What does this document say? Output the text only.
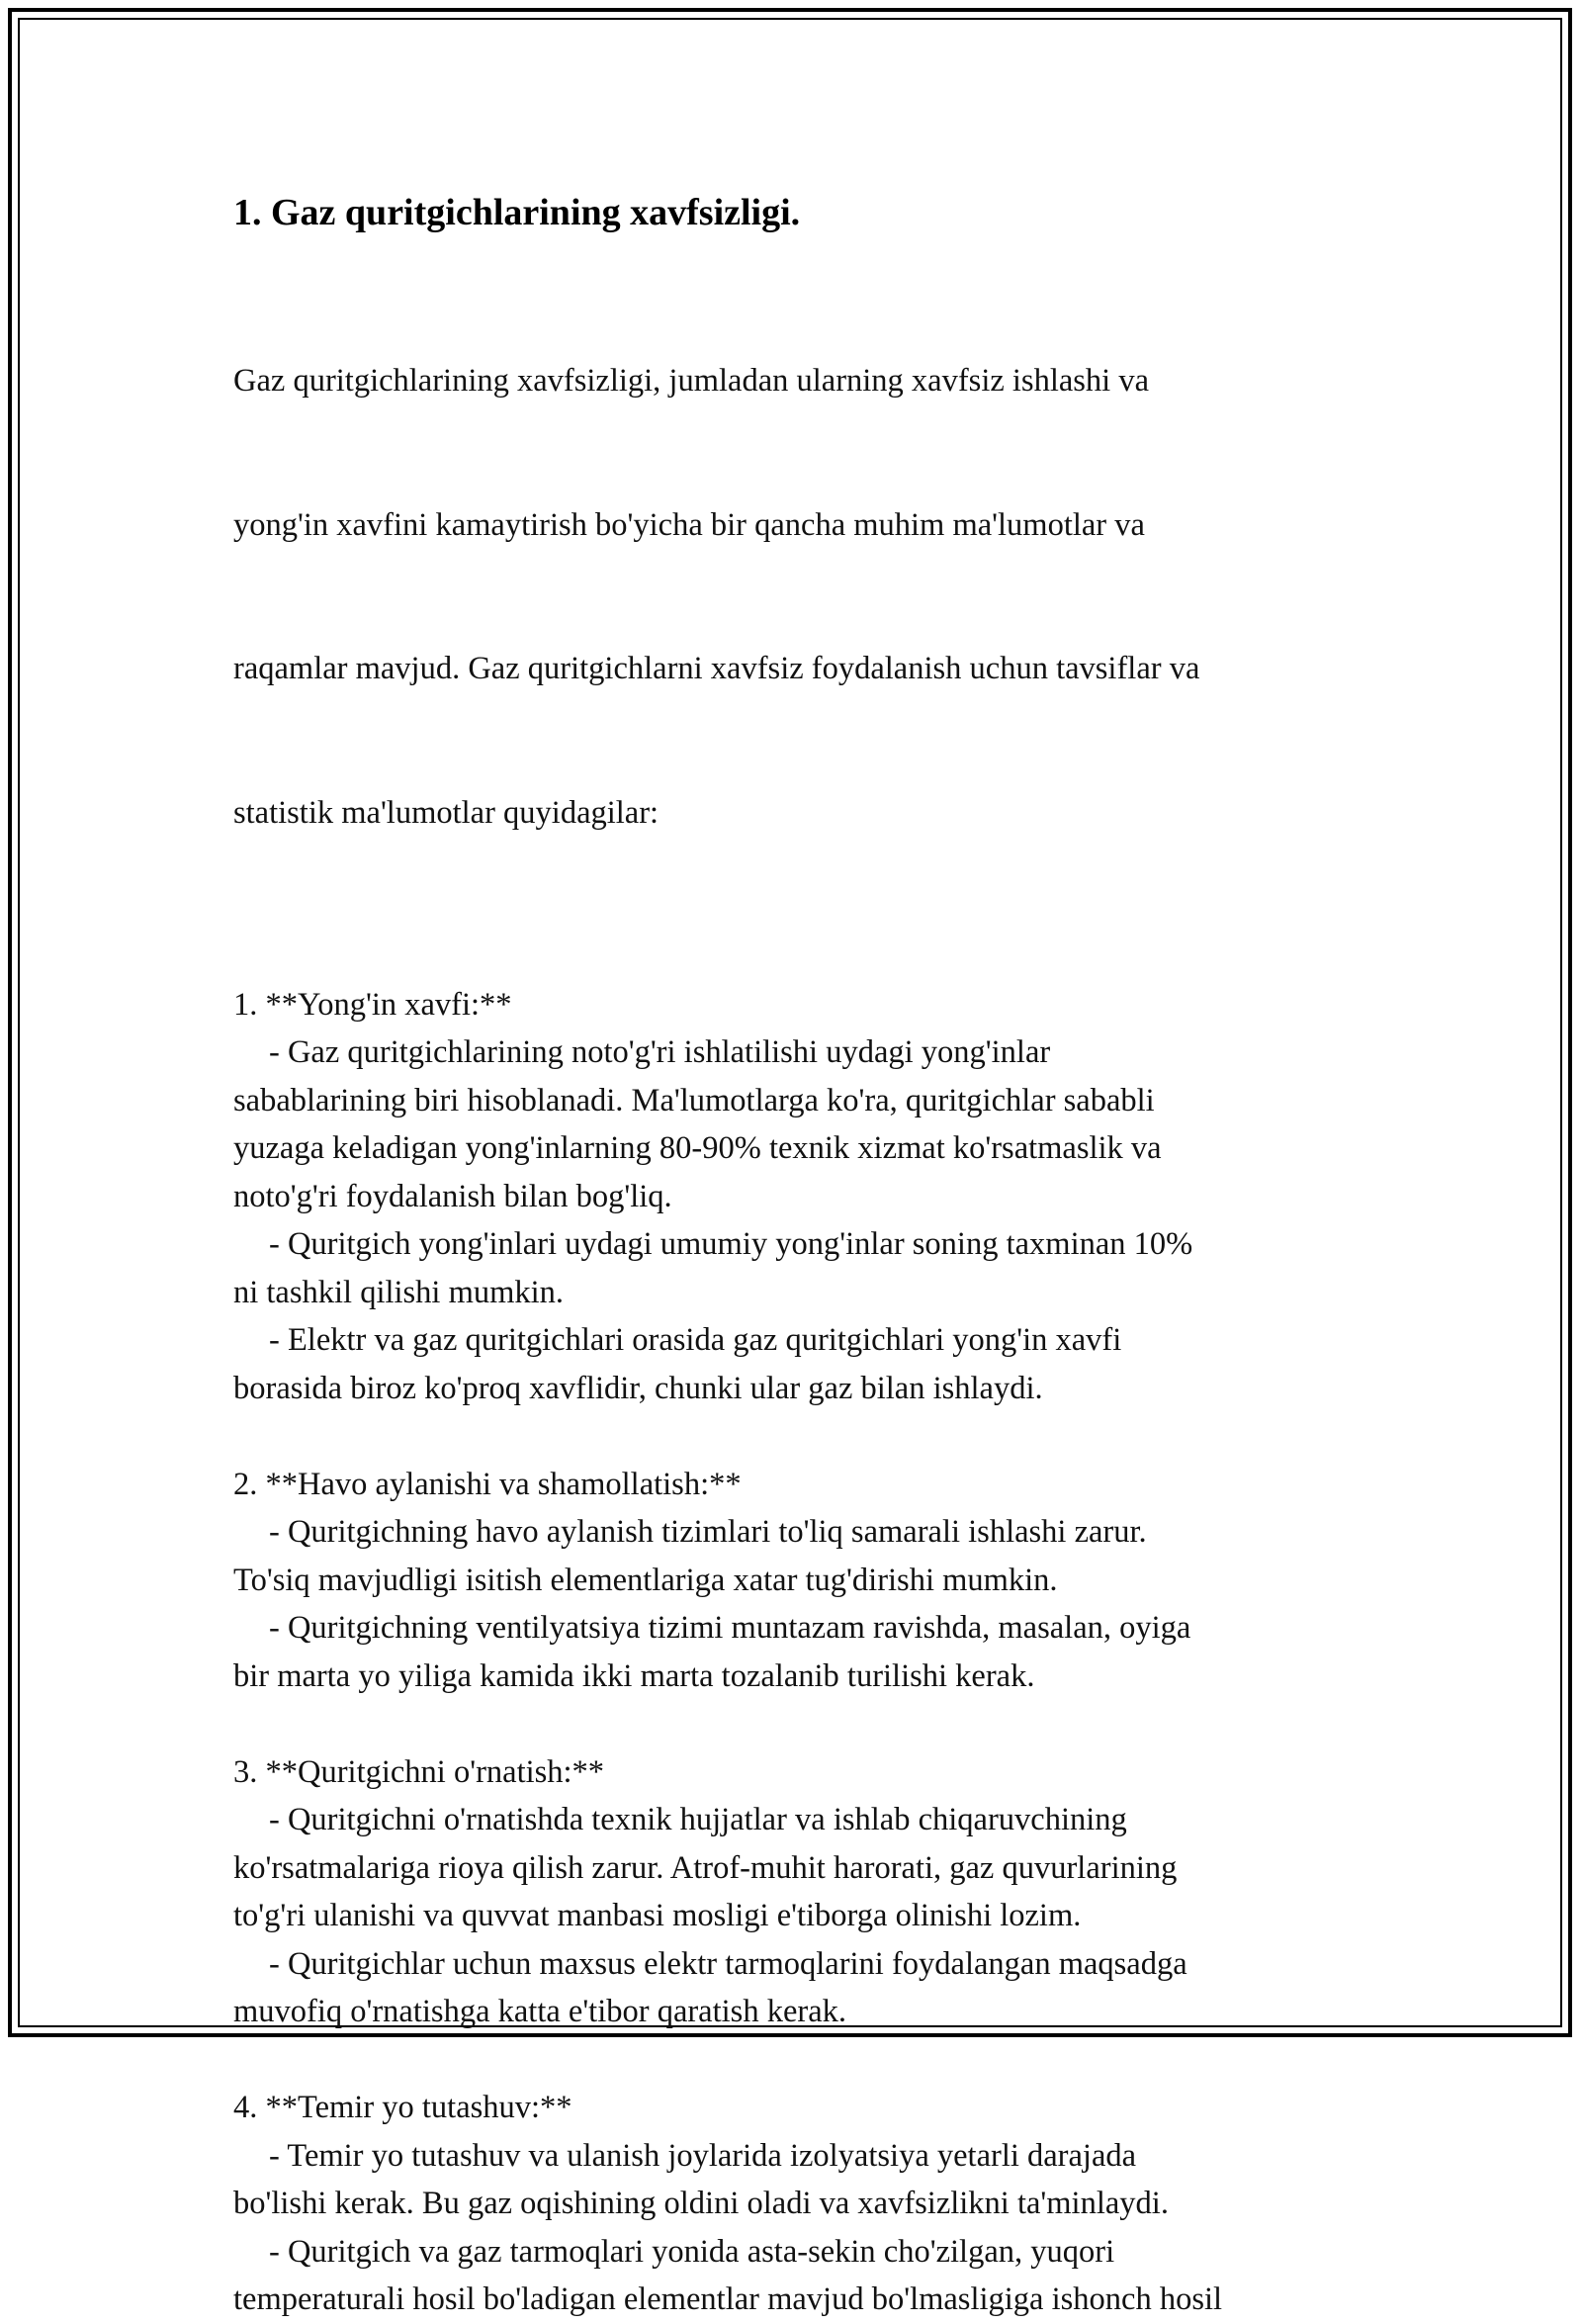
1. Gaz quritgichlarining xavfsizligi.

Gaz quritgichlarining xavfsizligi, jumladan ularning xavfsiz ishlashi va

yong'in xavfini kamaytirish bo'yicha bir qancha muhim ma'lumotlar va

raqamlar mavjud. Gaz quritgichlarni xavfsiz foydalanish uchun tavsiflar va

statistik ma'lumotlar quyidagilar:

1. **Yong'in xavfi:**
- Gaz quritgichlarining noto'g'ri ishlatilishi uydagi yong'inlar
sabablarining biri hisoblanadi. Ma'lumotlarga ko'ra, quritgichlar sababli
yuzaga keladigan yong'inlarning 80-90% texnik xizmat ko'rsatmaslik va
noto'g'ri foydalanish bilan bog'liq.
- Quritgich yong'inlari uydagi umumiy yong'inlar soning taxminan 10%
ni tashkil qilishi mumkin.
- Elektr va gaz quritgichlari orasida gaz quritgichlari yong'in xavfi
borasida biroz ko'proq xavflidir, chunki ular gaz bilan ishlaydi.
2. **Havo aylanishi va shamollatish:**
- Quritgichning havo aylanish tizimlari to'liq samarali ishlashi zarur.
To'siq mavjudligi isitish elementlariga xatar tug'dirishi mumkin.
- Quritgichning ventilyatsiya tizimi muntazam ravishda, masalan, oyiga
bir marta yo yiliga kamida ikki marta tozalanib turilishi kerak.
3. **Quritgichni o'rnatish:**
- Quritgichni o'rnatishda texnik hujjatlar va ishlab chiqaruvchining
ko'rsatmalariga rioya qilish zarur. Atrof-muhit harorati, gaz quvurlarining
to'g'ri ulanishi va quvvat manbasi mosligi e'tiborga olinishi lozim.
- Quritgichlar uchun maxsus elektr tarmoqlarini foydalangan maqsadga
muvofiq o'rnatishga katta e'tibor qaratish kerak.
4. **Temir yo tutashuv:**
- Temir yo tutashuv va ulanish joylarida izolyatsiya yetarli darajada
bo'lishi kerak. Bu gaz oqishining oldini oladi va xavfsizlikni ta'minlaydi.
- Quritgich va gaz tarmoqlari yonida asta-sekin cho'zilgan, yuqori
temperaturali hosil bo'ladigan elementlar mavjud bo'lmasligiga ishonch hosil
